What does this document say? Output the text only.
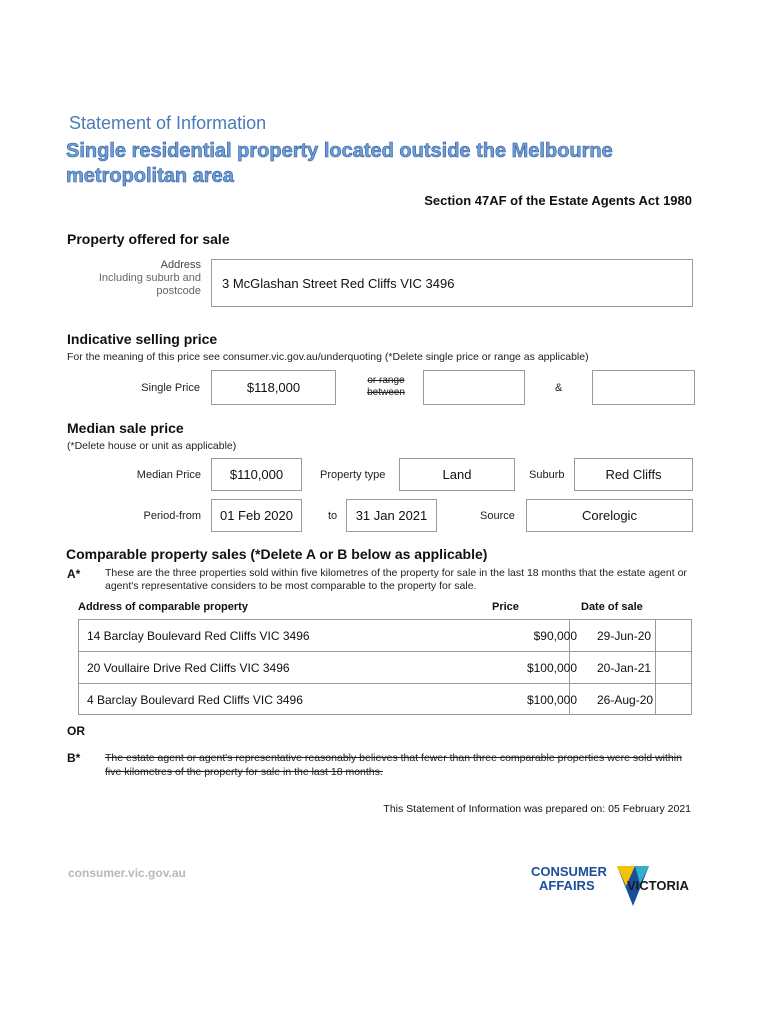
Statement of Information
Single residential property located outside the Melbourne metropolitan area
Section 47AF of the Estate Agents Act 1980
Property offered for sale
Address
Including suburb and
postcode
3 McGlashan Street Red Cliffs VIC 3496
Indicative selling price
For the meaning of this price see consumer.vic.gov.au/underquoting (*Delete single price or range as applicable)
Single Price	$118,000	or range
between	&
Median sale price
(*Delete house or unit as applicable)
Median Price $110,000	Property type	Land	Suburb	Red Cliffs
Period-from 01 Feb 2020	to 31 Jan 2021	Source	Corelogic
Comparable property sales (*Delete A or B below as applicable)
A* These are the three properties sold within five kilometres of the property for sale in the last 18 months that the estate agent or agent's representative considers to be most comparable to the property for sale.
Address of comparable property	Price	Date of sale
14 Barclay Boulevard Red Cliffs VIC 3496	$90,000	29-Jun-20
20 Voullaire Drive Red Cliffs VIC 3496	$100,000	20-Jan-21
4 Barclay Boulevard Red Cliffs VIC 3496	$100,000	26-Aug-20
OR
B* The estate agent or agent's representative reasonably believes that fewer than three comparable properties were sold within five kilometres of the property for sale in the last 18 months.
This Statement of Information was prepared on: 05 February 2021
consumer.vic.gov.au	CONSUMER
AFFAIRS VICTORIA
